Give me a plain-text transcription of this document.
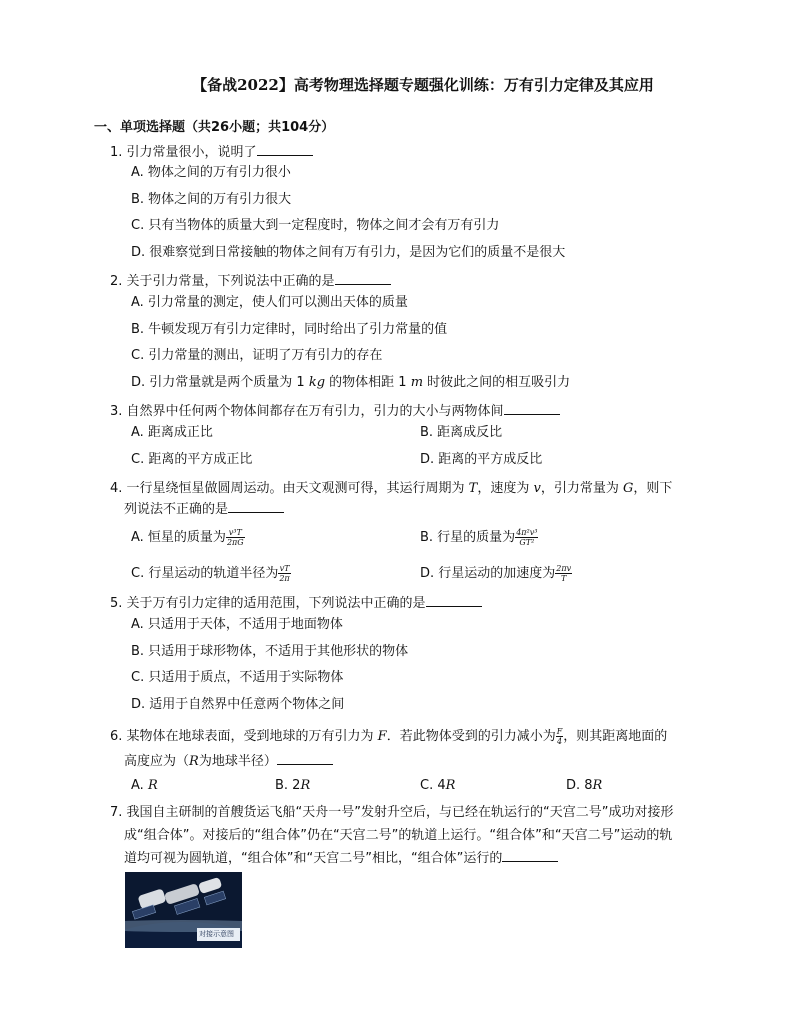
【备战2022】高考物理选择题专题强化训练：万有引力定律及其应用
一、单项选择题（共26小题；共104分）
1. 引力常量很小，说明了
A. 物体之间的万有引力很小
B. 物体之间的万有引力很大
C. 只有当物体的质量大到一定程度时，物体之间才会有万有引力
D. 很难察觉到日常接触的物体之间有万有引力，是因为它们的质量不是很大
2. 关于引力常量，下列说法中正确的是
A. 引力常量的测定，使人们可以测出天体的质量
B. 牛顿发现万有引力定律时，同时给出了引力常量的值
C. 引力常量的测出，证明了万有引力的存在
D. 引力常量就是两个质量为 1 kg 的物体相距 1 m 时彼此之间的相互吸引力
3. 自然界中任何两个物体间都存在万有引力，引力的大小与两物体间
A. 距离成正比	B. 距离成反比
C. 距离的平方成正比	D. 距离的平方成反比
4. 一行星绕恒星做圆周运动。由天文观测可得，其运行周期为 T，速度为 v，引力常量为 G，则下
列说法不正确的是
A. 恒星的质量为 $\frac{\text{v³T}}{2\pi G}$	B. 行星的质量为 $\frac{\text{4π²v³}}{\text{GT²}}$
C. 行星运动的轨道半径为 $\frac{vT}{2\pi}$	D. 行星运动的加速度为 $\frac{2\pi v}{T}$
5. 关于万有引力定律的适用范围，下列说法中正确的是
A. 只适用于天体，不适用于地面物体
B. 只适用于球形物体，不适用于其他形状的物体
C. 只适用于质点，不适用于实际物体
D. 适用于自然界中任意两个物体之间
6. 某物体在地球表面，受到地球的万有引力为 F．若此物体受到的引力减小为 $\frac{F}{4}$ ，则其距离地面的
高度应为（R为地球半径）
A. R	B. 2R	C. 4R	D. 8R
7. 我国自主研制的首艘货运飞船“天舟一号”发射升空后，与已经在轨运行的“天宫二号”成功对接形
成“组合体”。对接后的“组合体”仍在“天宫二号”的轨道上运行。“组合体”和“天宫二号”运动的轨
道均可视为圆轨道，“组合体”和“天宫二号”相比，“组合体”运行的
对接示意图
